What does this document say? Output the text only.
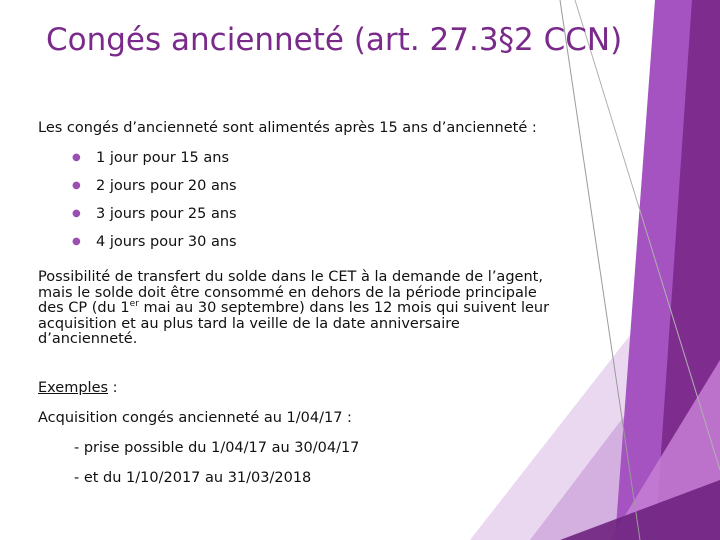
Congés ancienneté (art. 27.3§2 CCN)

Les congés d’ancienneté sont alimentés après 15 ans d’ancienneté :

● 1 jour pour 15 ans
● 2 jours pour 20 ans
● 3 jours pour 25 ans
● 4 jours pour 30 ans

Possibilité de transfert du solde dans le CET à la demande de l’agent,
mais le solde doit être consommé en dehors de la période principale
des CP (du 1er mai au 30 septembre) dans les 12 mois qui suivent leur
acquisition et au plus tard la veille de la date anniversaire
d’ancienneté.

Exemples :

Acquisition congés ancienneté au 1/04/17 :

- prise possible du 1/04/17 au 30/04/17

- et du 1/10/2017 au 31/03/2018
